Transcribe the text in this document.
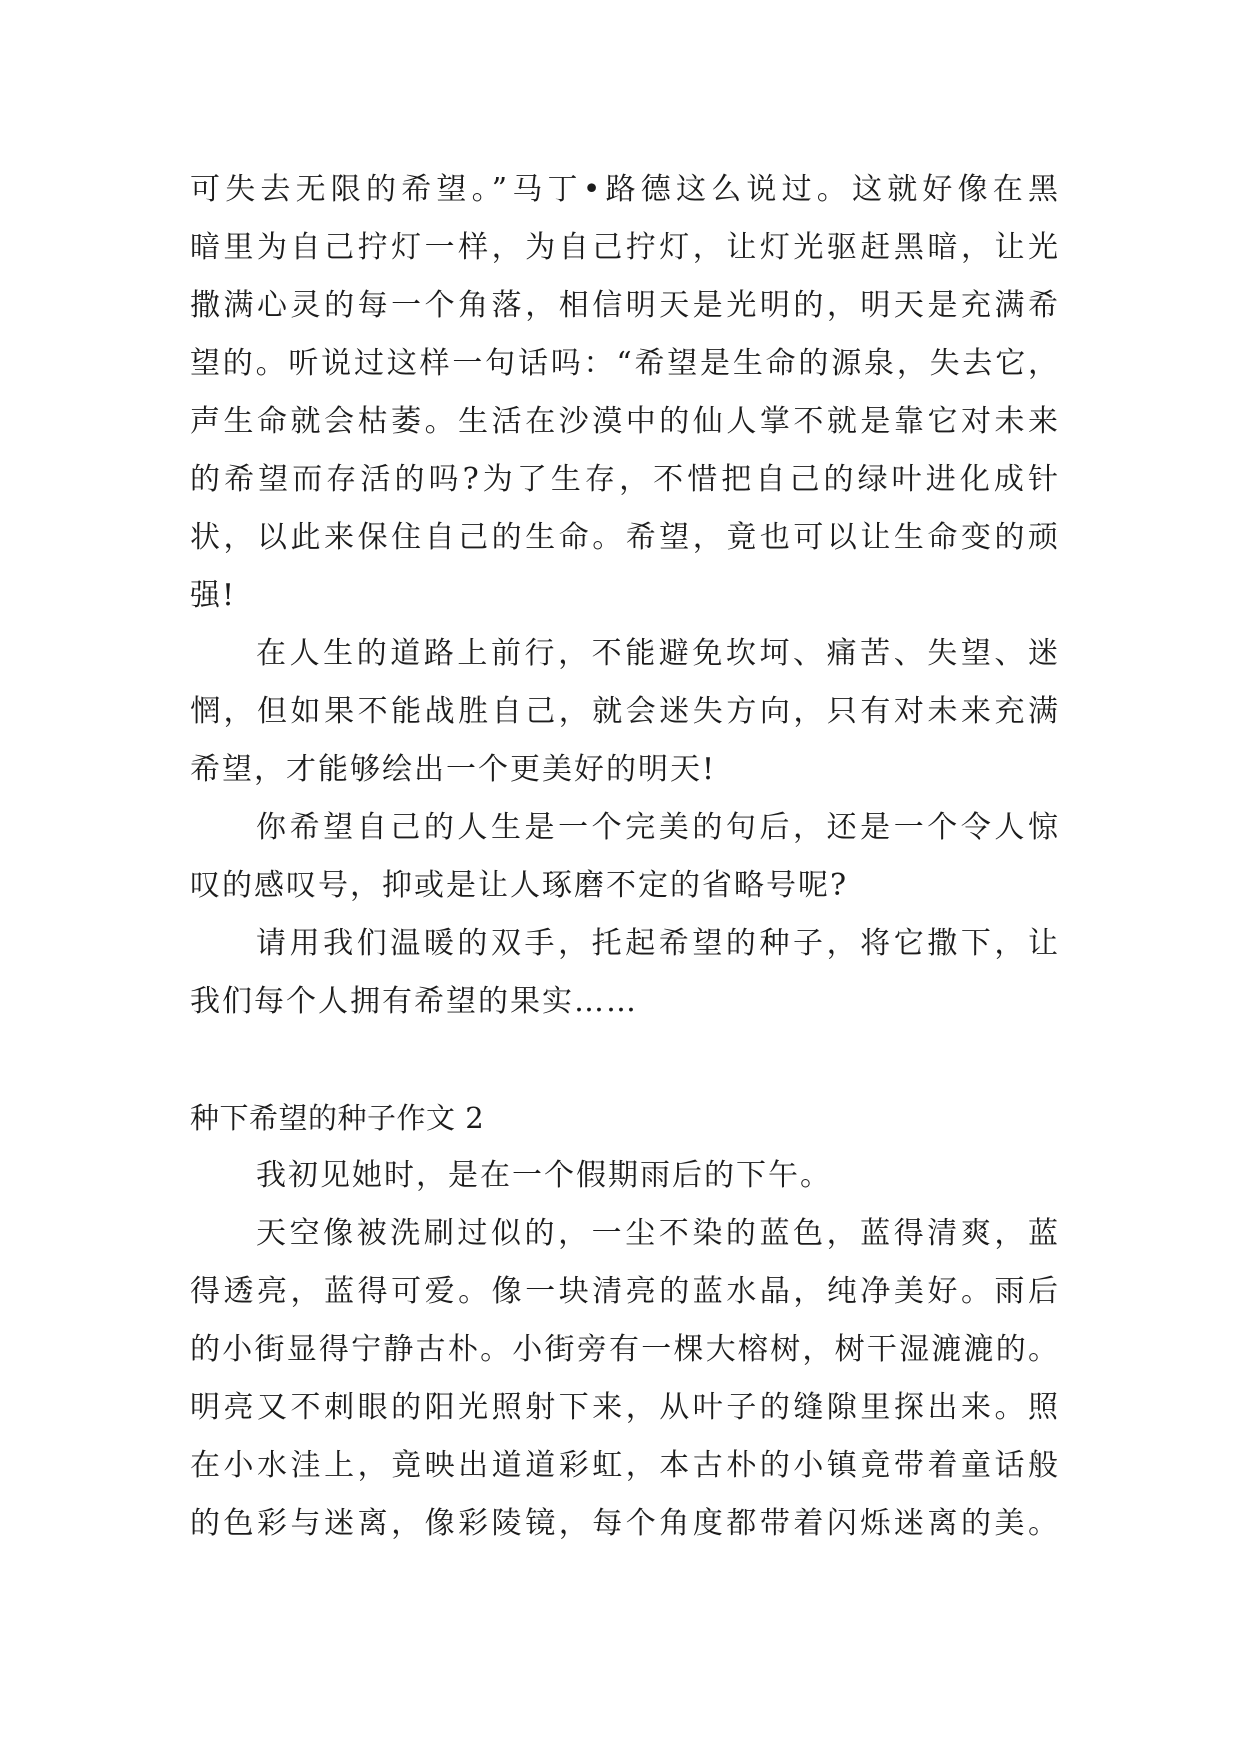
可失去无限的希望。”马丁•路德这么说过。这就好像在黑
暗里为自己拧灯一样，为自己拧灯，让灯光驱赶黑暗，让光
撒满心灵的每一个角落，相信明天是光明的，明天是充满希
望的。听说过这样一句话吗：“希望是生命的源泉，失去它，
声生命就会枯萎。生活在沙漠中的仙人掌不就是靠它对未来
的希望而存活的吗?为了生存，不惜把自己的绿叶进化成针
状，以此来保住自己的生命。希望，竟也可以让生命变的顽
强!
在人生的道路上前行，不能避免坎坷、痛苦、失望、迷
惘，但如果不能战胜自己，就会迷失方向，只有对未来充满
希望，才能够绘出一个更美好的明天!
你希望自己的人生是一个完美的句后，还是一个令人惊
叹的感叹号，抑或是让人琢磨不定的省略号呢?
请用我们温暖的双手，托起希望的种子，将它撒下，让
我们每个人拥有希望的果实……
种下希望的种子作文 2
我初见她时，是在一个假期雨后的下午。
天空像被洗刷过似的，一尘不染的蓝色，蓝得清爽，蓝
得透亮，蓝得可爱。像一块清亮的蓝水晶，纯净美好。雨后
的小街显得宁静古朴。小街旁有一棵大榕树，树干湿漉漉的。
明亮又不刺眼的阳光照射下来，从叶子的缝隙里探出来。照
在小水洼上，竟映出道道彩虹，本古朴的小镇竟带着童话般
的色彩与迷离，像彩陵镜，每个角度都带着闪烁迷离的美。
